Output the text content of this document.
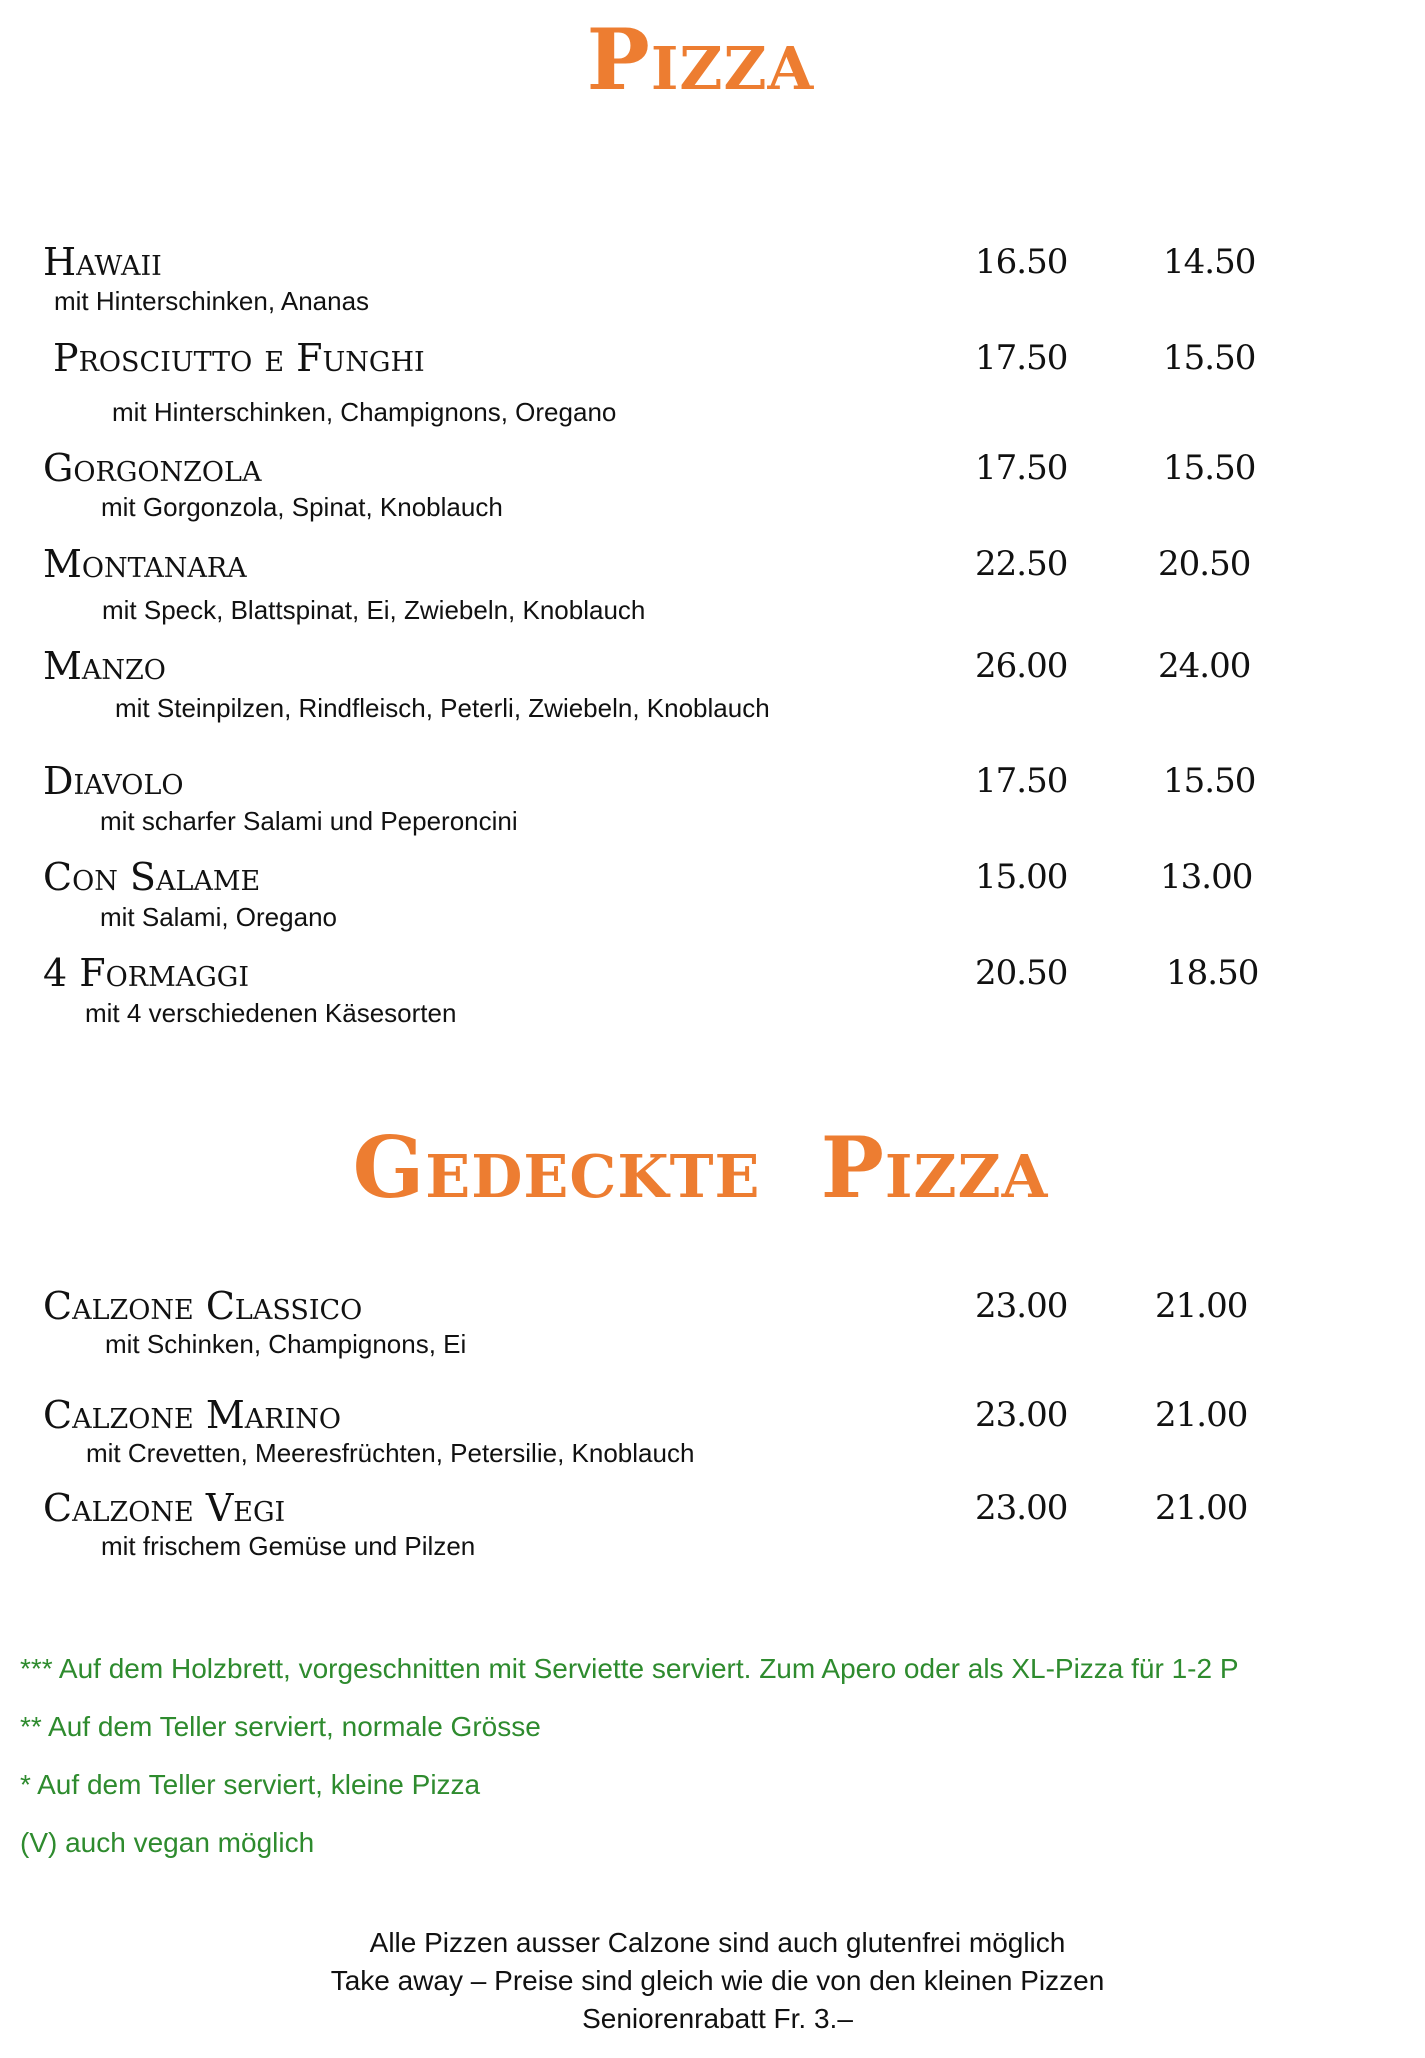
Pizza
Hawaii	16.50	14.50
mit Hinterschinken, Ananas
Prosciutto e Funghi	17.50	15.50
mit Hinterschinken, Champignons, Oregano
Gorgonzola	17.50	15.50
mit Gorgonzola, Spinat, Knoblauch
Montanara	22.50	20.50
mit Speck, Blattspinat, Ei, Zwiebeln, Knoblauch
Manzo	26.00	24.00
mit Steinpilzen, Rindfleisch, Peterli, Zwiebeln, Knoblauch
Diavolo	17.50	15.50
mit scharfer Salami und Peperoncini
Con Salame	15.00	13.00
mit Salami, Oregano
4 Formaggi	20.50	18.50
mit 4 verschiedenen Käsesorten
Gedeckte Pizza
Calzone Classico	23.00	21.00
mit Schinken, Champignons, Ei
Calzone Marino	23.00	21.00
mit Crevetten, Meeresfrüchten, Petersilie, Knoblauch
Calzone Vegi	23.00	21.00
mit frischem Gemüse und Pilzen
*** Auf dem Holzbrett, vorgeschnitten mit Serviette serviert. Zum Apero oder als XL-Pizza für 1-2 P
** Auf dem Teller serviert, normale Grösse
* Auf dem Teller serviert, kleine Pizza
(V) auch vegan möglich
Alle Pizzen ausser Calzone sind auch glutenfrei möglich
Take away – Preise sind gleich wie die von den kleinen Pizzen
Seniorenrabatt Fr. 3.–
